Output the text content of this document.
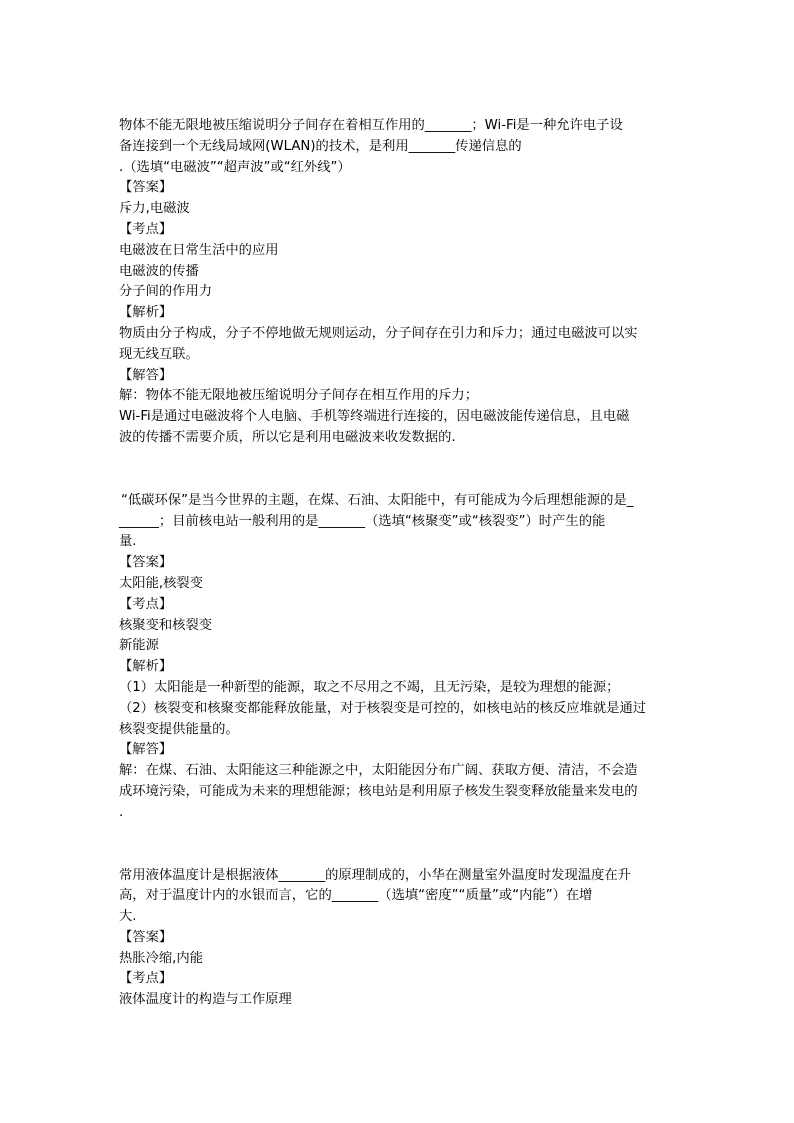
物体不能无限地被压缩说明分子间存在着相互作用的_______；Wi-Fi是一种允许电子设
备连接到一个无线局域网(WLAN)的技术，是利用_______传递信息的
.（选填“电磁波”“超声波”或“红外线”）
【答案】
斥力,电磁波
【考点】
电磁波在日常生活中的应用
电磁波的传播
分子间的作用力
【解析】
物质由分子构成，分子不停地做无规则运动，分子间存在引力和斥力；通过电磁波可以实
现无线互联。
【解答】
解：物体不能无限地被压缩说明分子间存在相互作用的斥力；
Wi-Fi是通过电磁波将个人电脑、手机等终端进行连接的，因电磁波能传递信息，且电磁
波的传播不需要介质，所以它是利用电磁波来收发数据的.
“低碳环保”是当今世界的主题，在煤、石油、太阳能中，有可能成为今后理想能源的是_
______；目前核电站一般利用的是_______（选填“核聚变”或“核裂变”）时产生的能
量.
【答案】
太阳能,核裂变
【考点】
核聚变和核裂变
新能源
【解析】
（1）太阳能是一种新型的能源，取之不尽用之不竭，且无污染，是较为理想的能源；
（2）核裂变和核聚变都能释放能量，对于核裂变是可控的，如核电站的核反应堆就是通过
核裂变提供能量的。
【解答】
解：在煤、石油、太阳能这三种能源之中，太阳能因分布广阔、获取方便、清洁，不会造
成环境污染，可能成为未来的理想能源；核电站是利用原子核发生裂变释放能量来发电的
.
常用液体温度计是根据液体_______的原理制成的，小华在测量室外温度时发现温度在升
高，对于温度计内的水银而言，它的_______（选填“密度”“质量”或“内能”）在增
大.
【答案】
热胀冷缩,内能
【考点】
液体温度计的构造与工作原理
